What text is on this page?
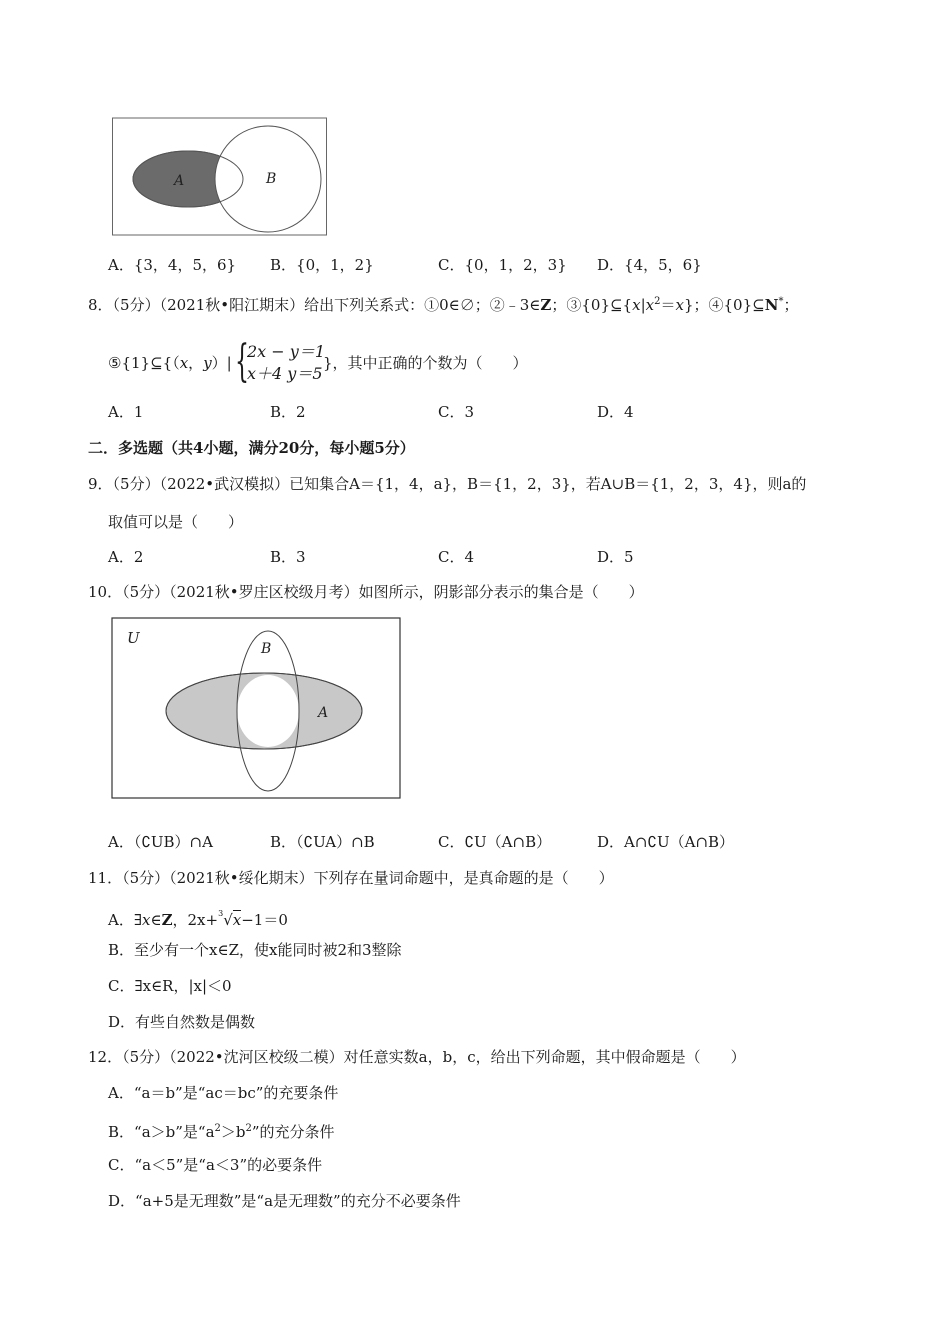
A	B
A．{3，4，5，6} B．{0，1，2}	C．{0，1，2，3} D．{4，5，6}
8．（5分）（2021秋•阳江期末）给出下列关系式：①0∈∅；②﹣3∈Z；$③\{0\}⊆\{x|x^2=x\}$；④{0}⊆N*；
⑤{1}⊆{（x，y）| {
2x − y＝1
x＋4 y＝5
}，其中正确的个数为（　　）
A．1	B．2	C．3	D．4
二．多选题（共4小题，满分20分，每小题5分）
9．（5分）（2022•武汉模拟）已知集合A＝{1，4，a}，B＝{1，2，3}，若A∪B＝{1，2，3，4}，则a的
取值可以是（　　）
A．2	B．3	C．4	D．5
10．（5分）（2021秋•罗庄区校级月考）如图所示，阴影部分表示的集合是（　　）
U
B
A
A．（∁UB）∩A	B．（∁UA）∩B	C．∁U（A∩B）	D．A∩∁U（A∩B）
11．（5分）（2021秋•绥化期末）下列存在量词命题中，是真命题的是（　　）
A．∃x∈Z，2x+$^3$√x−1＝0
B．至少有一个x∈Z，使x能同时被2和3整除
C．∃x∈R，|x|＜0
D．有些自然数是偶数
12．（5分）（2022•沈河区校级二模）对任意实数a，b，c，给出下列命题，其中假命题是（　　）
A．“a＝b”是“ac＝bc”的充要条件
B．“a＞b”是“$a^2>b^2$”的充分条件
C．“a＜5”是“a＜3”的必要条件
D．“a+5是无理数”是“a是无理数”的充分不必要条件
